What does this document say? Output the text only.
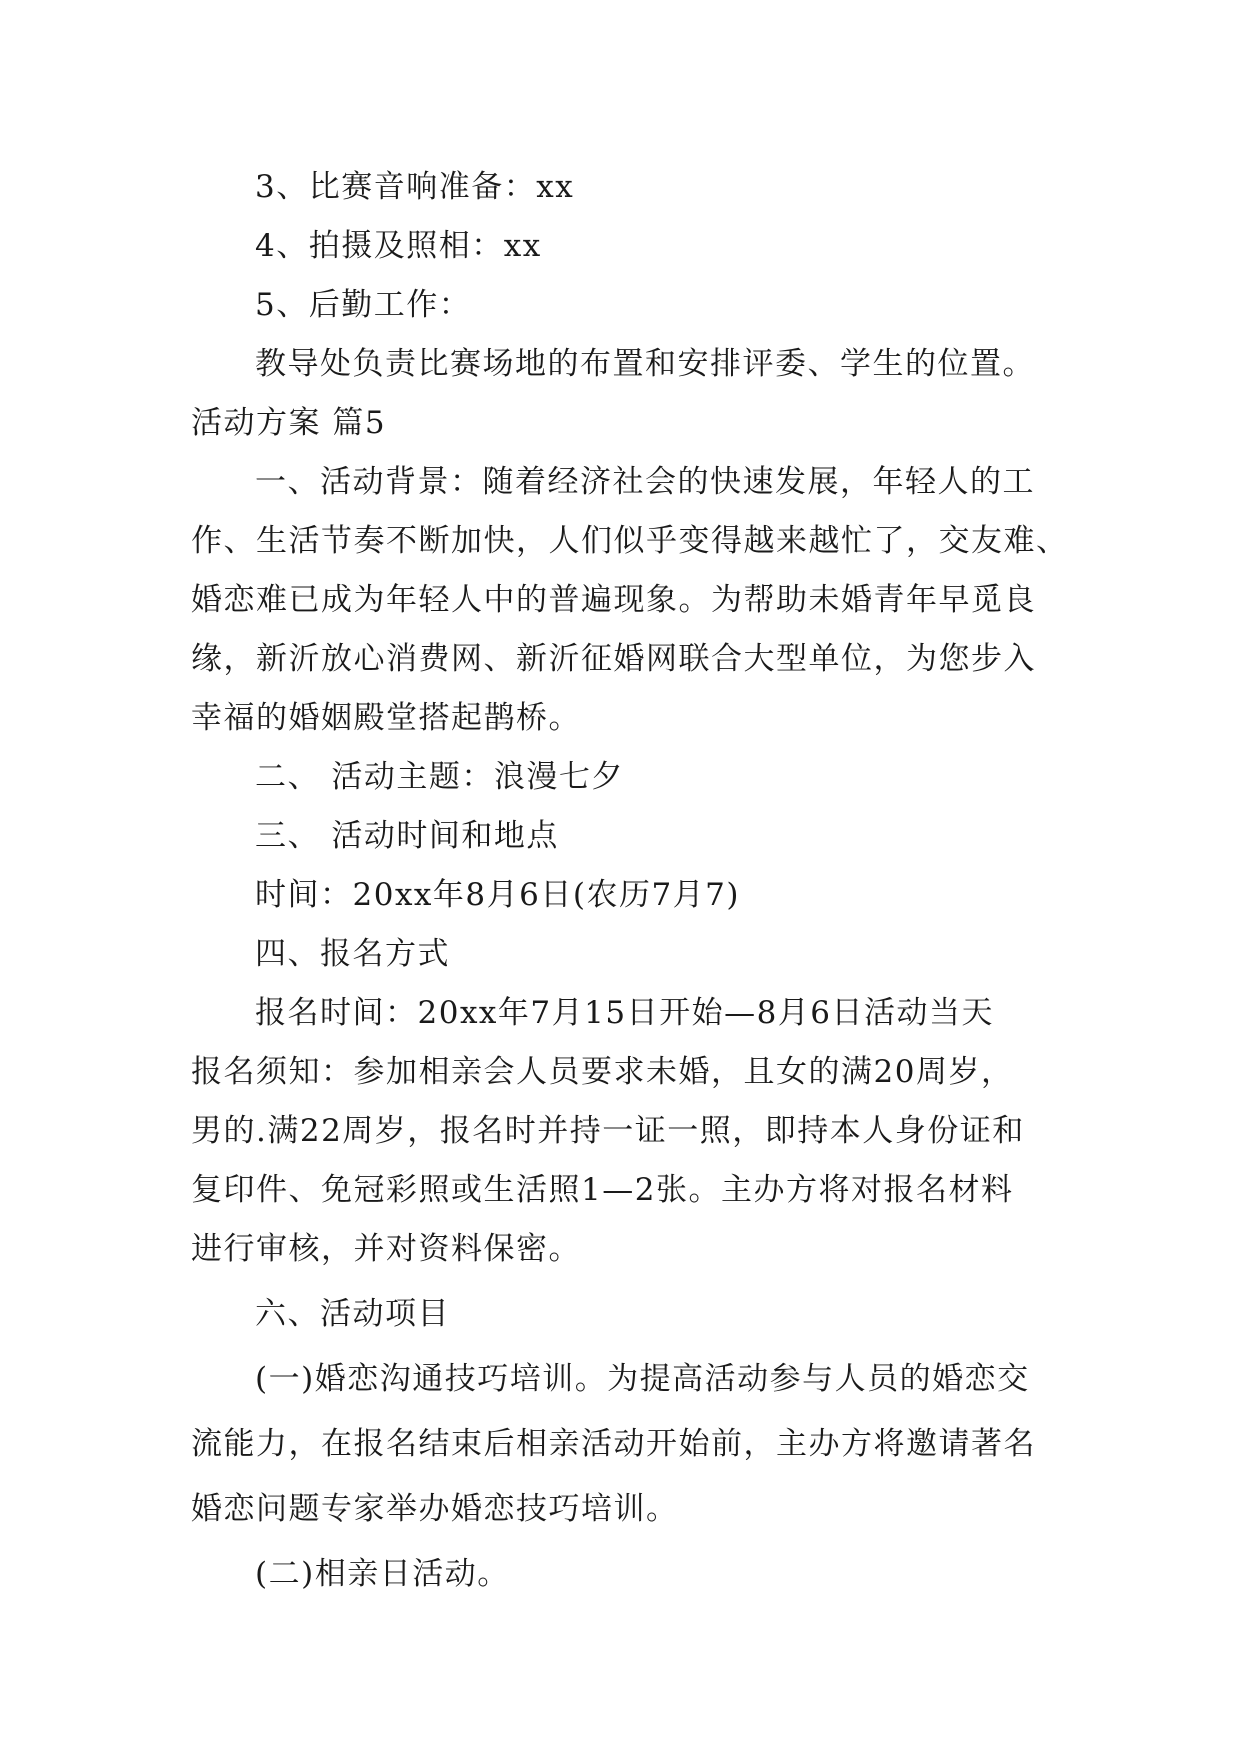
3、比赛音响准备：xx
4、拍摄及照相：xx
5、后勤工作：
教导处负责比赛场地的布置和安排评委、学生的位置。
活动方案 篇5
一、活动背景：随着经济社会的快速发展，年轻人的工
作、生活节奏不断加快，人们似乎变得越来越忙了，交友难、
婚恋难已成为年轻人中的普遍现象。为帮助未婚青年早觅良
缘，新沂放心消费网、新沂征婚网联合大型单位，为您步入
幸福的婚姻殿堂搭起鹊桥。
二、 活动主题：浪漫七夕
三、 活动时间和地点
时间：20xx年8月6日(农历7月7)
四、报名方式
报名时间：20xx年7月15日开始—8月6日活动当天
报名须知：参加相亲会人员要求未婚，且女的满20周岁，
男的.满22周岁，报名时并持一证一照，即持本人身份证和
复印件、免冠彩照或生活照1—2张。主办方将对报名材料
进行审核，并对资料保密。
六、活动项目
(一)婚恋沟通技巧培训。为提高活动参与人员的婚恋交
流能力，在报名结束后相亲活动开始前，主办方将邀请著名
婚恋问题专家举办婚恋技巧培训。
(二)相亲日活动。
